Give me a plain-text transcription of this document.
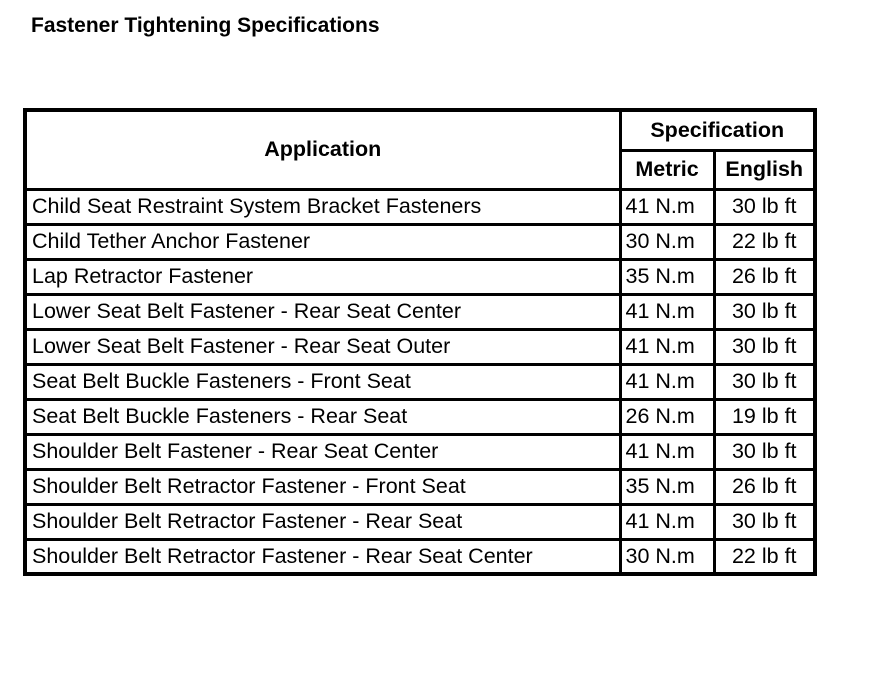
Fastener Tightening Specifications
Application	Specification	
	Metric	English
Child Seat Restraint System Bracket Fasteners	41 N.m	30 lb ft
Child Tether Anchor Fastener	30 N.m	22 lb ft
Lap Retractor Fastener	35 N.m	26 lb ft
Lower Seat Belt Fastener - Rear Seat Center	41 N.m	30 lb ft
Lower Seat Belt Fastener - Rear Seat Outer	41 N.m	30 lb ft
Seat Belt Buckle Fasteners - Front Seat	41 N.m	30 lb ft
Seat Belt Buckle Fasteners - Rear Seat	26 N.m	19 lb ft
Shoulder Belt Fastener - Rear Seat Center	41 N.m	30 lb ft
Shoulder Belt Retractor Fastener - Front Seat	35 N.m	26 lb ft
Shoulder Belt Retractor Fastener - Rear Seat	41 N.m	30 lb ft
Shoulder Belt Retractor Fastener - Rear Seat Center	30 N.m	22 lb ft
